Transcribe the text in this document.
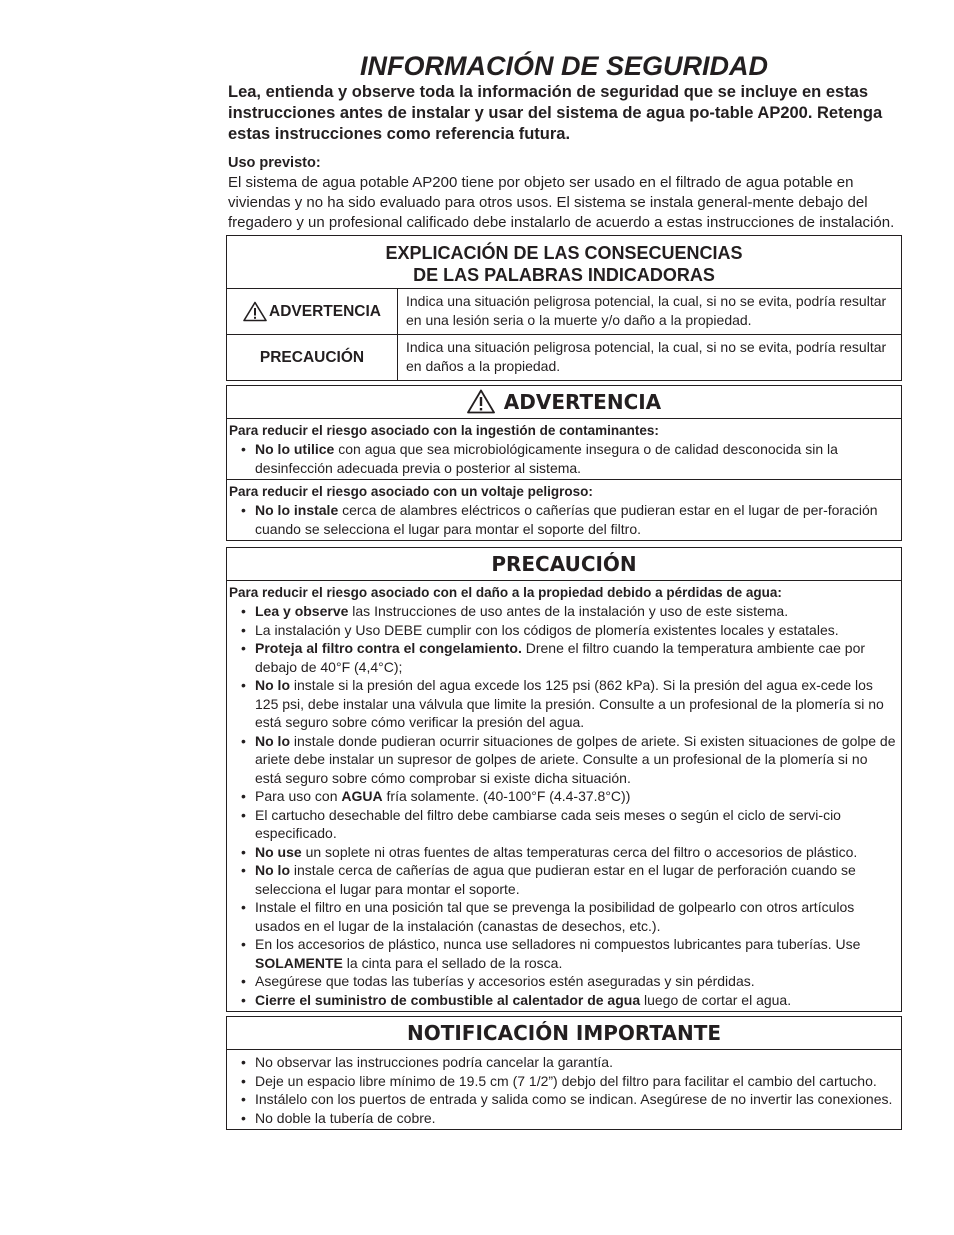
INFORMACIÓN DE SEGURIDAD

Lea, entienda y observe toda la información de seguridad que se incluye en estas instrucciones antes de instalar y usar del sistema de agua po-table AP200. Retenga estas instrucciones como referencia futura.

Uso previsto:

El sistema de agua potable AP200 tiene por objeto ser usado en el filtrado de agua potable en viviendas y no ha sido evaluado para otros usos. El sistema se instala general-mente debajo del fregadero y un profesional calificado debe instalarlo de acuerdo a estas instrucciones de instalación.

EXPLICACIÓN DE LAS CONSECUENCIAS
DE LAS PALABRAS INDICADORAS
ADVERTENCIA
Indica una situación peligrosa potencial, la cual, si no se evita, podría resultar en una lesión seria o la muerte y/o daño a la propiedad.
PRECAUCIÓN
Indica una situación peligrosa potencial, la cual, si no se evita, podría resultar en daños a la propiedad.
ADVERTENCIA
Para reducir el riesgo asociado con la ingestión de contaminantes:
• No lo utilice con agua que sea microbiológicamente insegura o de calidad desconocida sin la desinfección adecuada previa o posterior al sistema.
Para reducir el riesgo asociado con un voltaje peligroso:
• No lo instale cerca de alambres eléctricos o cañerías que pudieran estar en el lugar de per-foración cuando se selecciona el lugar para montar el soporte del filtro.
PRECAUCIÓN
Para reducir el riesgo asociado con el daño a la propiedad debido a pérdidas de agua:
• Lea y observe las Instrucciones de uso antes de la instalación y uso de este sistema.
• La instalación y Uso DEBE cumplir con los códigos de plomería existentes locales y estatales.
• Proteja al filtro contra el congelamiento. Drene el filtro cuando la temperatura ambiente cae por debajo de 40°F (4,4°C);
• No lo instale si la presión del agua excede los 125 psi (862 kPa). Si la presión del agua ex-cede los 125 psi, debe instalar una válvula que limite la presión. Consulte a un profesional de la plomería si no está seguro sobre cómo verificar la presión del agua.
• No lo instale donde pudieran ocurrir situaciones de golpes de ariete. Si existen situaciones de golpe de ariete debe instalar un supresor de golpes de ariete. Consulte a un profesional de la plomería si no está seguro sobre cómo comprobar si existe dicha situación.
• Para uso con AGUA fría solamente. (40-100°F (4.4-37.8°C))
• El cartucho desechable del filtro debe cambiarse cada seis meses o según el ciclo de servi-cio especificado.
• No use un soplete ni otras fuentes de altas temperaturas cerca del filtro o accesorios de plástico.
• No lo instale cerca de cañerías de agua que pudieran estar en el lugar de perforación cuando se selecciona el lugar para montar el soporte.
• Instale el filtro en una posición tal que se prevenga la posibilidad de golpearlo con otros artículos usados en el lugar de la instalación (canastas de desechos, etc.).
• En los accesorios de plástico, nunca use selladores ni compuestos lubricantes para tuberías. Use SOLAMENTE la cinta para el sellado de la rosca.
• Asegúrese que todas las tuberías y accesorios estén aseguradas y sin pérdidas.
• Cierre el suministro de combustible al calentador de agua luego de cortar el agua.
NOTIFICACIÓN IMPORTANTE
• No observar las instrucciones podría cancelar la garantía.
• Deje un espacio libre mínimo de 19.5 cm (7 1/2”) debjo del filtro para facilitar el cambio del cartucho.
• Instálelo con los puertos de entrada y salida como se indican. Asegúrese de no invertir las conexiones.
• No doble la tubería de cobre.
